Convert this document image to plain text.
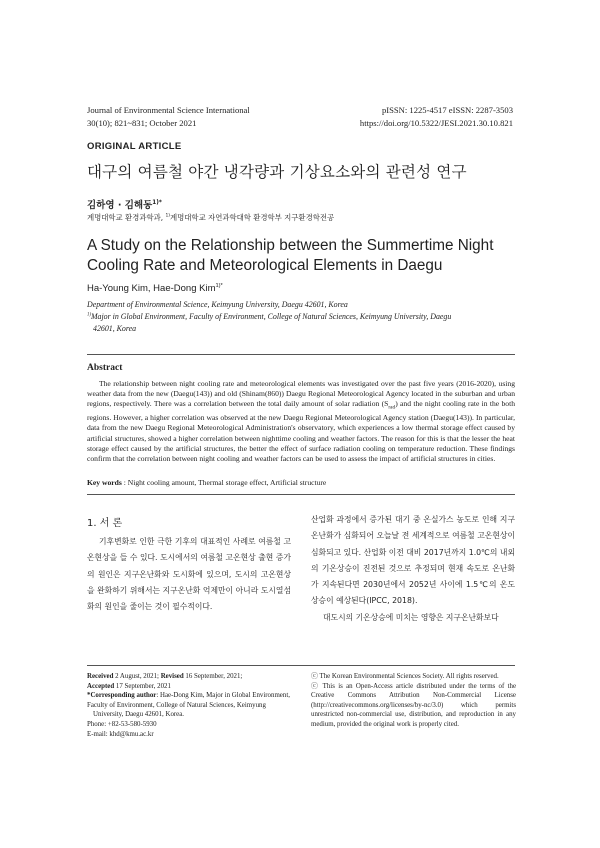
Journal of Environmental Science International
30(10); 821~831; October 2021
pISSN: 1225-4517 eISSN: 2287-3503
https://doi.org/10.5322/JESI.2021.30.10.821
ORIGINAL ARTICLE
대구의 여름철 야간 냉각량과 기상요소와의 관련성 연구
김하영 · 김해동$^{1)*}$
계명대학교 환경과학과, $^{1)}$계명대학교 자연과학대학 환경학부 지구환경학전공
A Study on the Relationship between the Summertime Night
Cooling Rate and Meteorological Elements in Daegu
Ha-Young Kim, Hae-Dong Kim$^{1)*}$
Department of Environmental Science, Keimyung University, Daegu 42601, Korea
$^{1)}$Major in Global Environment, Faculty of Environment, College of Natural Sciences, Keimyung University, Daegu
42601, Korea
Abstract
The relationship between night cooling rate and meteorological elements was investigated over the past five years (2016-2020), using weather data from the new (Daegu(143)) and old (Shinam(860)) Daegu Regional Meteorological Agency located in the suburban and urban regions, respectively. There was a correlation between the total daily amount of solar radiation $(S_{rad})$ and the night cooling rate in the both regions. However, a higher correlation was observed at the new Daegu Regional Meteorological Agency station (Daegu(143)). In particular, data from the new Daegu Regional Meteorological Administration's observatory, which experiences a low thermal storage effect caused by artificial structures, showed a higher correlation between nighttime cooling and weather factors. The reason for this is that the lesser the heat storage effect caused by the artificial structures, the better the effect of surface radiation cooling on temperature reduction. These findings confirm that the correlation between night cooling and weather factors can be used to assess the impact of artificial structures in cities.
Key words : Night cooling amount, Thermal storage effect, Artificial structure
1. 서 론

기후변화로 인한 극한 기후의 대표적인 사례로 여름철 고온현상을 들 수 있다. 도시에서의 여름철 고온현상 출현 증가의 원인은 지구온난화와 도시화에 있으며, 도시의 고온현상을 완화하기 위해서는 지구온난화 억제만이 아니라 도시열섬화의 원인을 줄이는 것이 필수적이다.

산업화 과정에서 증가된 대기 중 온실가스 농도로 인해 지구온난화가 심화되어 오늘날 전 세계적으로 여름철 고온현상이 심화되고 있다. 산업화 이전 대비 2017년까지 1.0℃의 내외의 기온상승이 진전된 것으로 추정되며 현재 속도로 온난화가 지속된다면 2030년에서 2052년 사이에 1.5℃의 온도 상승이 예상된다(IPCC, 2018).

대도시의 기온상승에 미치는 영향은 지구온난화보다

Received 2 August, 2021; Revised 16 September, 2021;
Accepted 17 September, 2021
*Corresponding author: Hae-Dong Kim, Major in Global Environment, Faculty of Environment, College of Natural Sciences, Keimyung
University, Daegu 42601, Korea.
Phone: +82-53-580-5930
E-mail: khd@kmu.ac.kr
ⓒ The Korean Environmental Sciences Society. All rights reserved.
ⓒ This is an Open-Access article distributed under the terms of the Creative Commons Attribution Non-Commercial License (http://creativecommons.org/licenses/by-nc/3.0) which permits unrestricted non-commercial use, distribution, and reproduction in any medium, provided the original work is properly cited.
